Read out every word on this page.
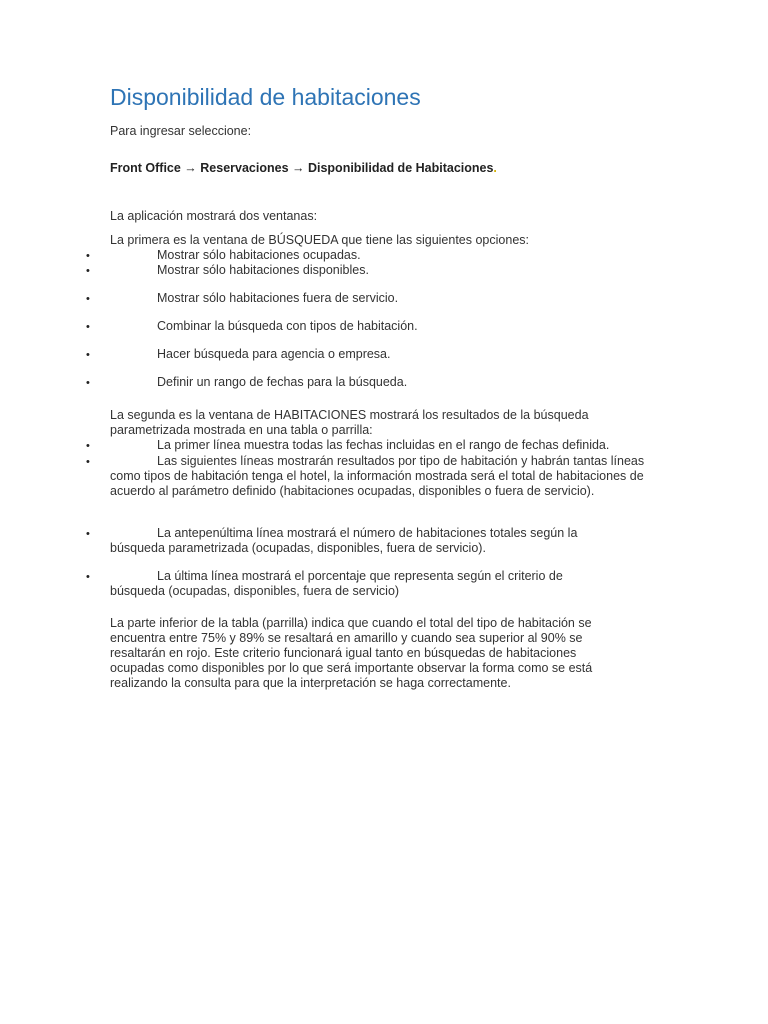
Disponibilidad de habitaciones

Para ingresar seleccione:

Front Office → Reservaciones → Disponibilidad de Habitaciones.

La aplicación mostrará dos ventanas:

La primera es la ventana de BÚSQUEDA que tiene las siguientes opciones:

•	Mostrar sólo habitaciones ocupadas.

•	Mostrar sólo habitaciones disponibles.

•	Mostrar sólo habitaciones fuera de servicio.

•	Combinar la búsqueda con tipos de habitación.

•	Hacer búsqueda para agencia o empresa.

•	Definir un rango de fechas para la búsqueda.

La segunda es la ventana de HABITACIONES mostrará los resultados de la búsqueda parametrizada mostrada en una tabla o parrilla:

•	La primer línea muestra todas las fechas incluidas en el rango de fechas definida.

•	Las siguientes líneas mostrarán resultados por tipo de habitación y habrán tantas líneas como tipos de habitación tenga el hotel, la información mostrada será el total de habitaciones de acuerdo al parámetro definido (habitaciones ocupadas, disponibles o fuera de servicio).

•	La antepenúltima línea mostrará el número de habitaciones totales según la búsqueda parametrizada (ocupadas, disponibles, fuera de servicio).

•	La última línea mostrará el porcentaje que representa según el criterio de búsqueda (ocupadas, disponibles, fuera de servicio)

La parte inferior de la tabla (parrilla) indica que cuando el total del tipo de habitación se encuentra entre 75% y 89% se resaltará en amarillo y cuando sea superior al 90% se resaltarán en rojo. Este criterio funcionará igual tanto en búsquedas de habitaciones ocupadas como disponibles por lo que será importante observar la forma como se está realizando la consulta para que la interpretación se haga correctamente.
